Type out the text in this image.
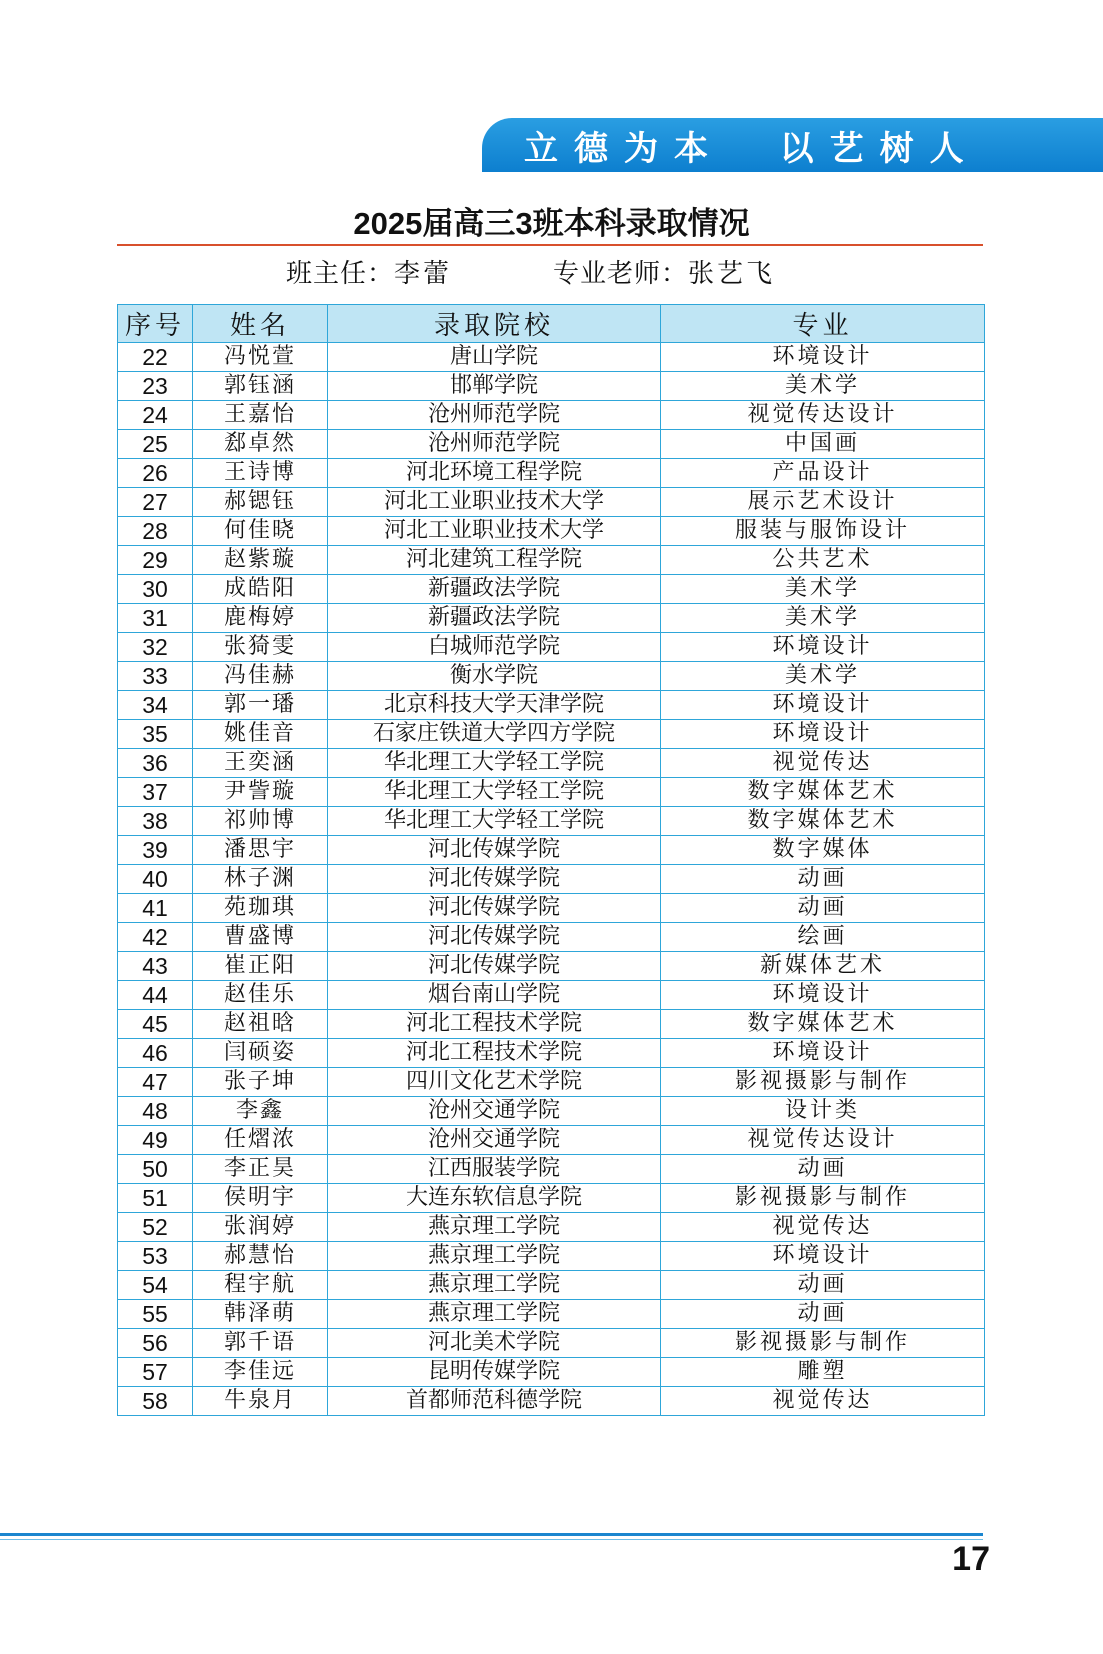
立德为本  以艺树人
2025届高三3班本科录取情况
班主任：李蕾	专业老师：张艺飞
序号	姓名	录取院校	专业
22	冯悦萱	唐山学院	环境设计
23	郭钰涵	邯郸学院	美术学
24	王嘉怡	沧州师范学院	视觉传达设计
25	郄卓然	沧州师范学院	中国画
26	王诗博	河北环境工程学院	产品设计
27	郝锶钰	河北工业职业技术大学	展示艺术设计
28	何佳晓	河北工业职业技术大学	服装与服饰设计
29	赵紫璇	河北建筑工程学院	公共艺术
30	成皓阳	新疆政法学院	美术学
31	鹿梅婷	新疆政法学院	美术学
32	张猗雯	白城师范学院	环境设计
33	冯佳赫	衡水学院	美术学
34	郭一璠	北京科技大学天津学院	环境设计
35	姚佳音	石家庄铁道大学四方学院	环境设计
36	王奕涵	华北理工大学轻工学院	视觉传达
37	尹訾璇	华北理工大学轻工学院	数字媒体艺术
38	祁帅博	华北理工大学轻工学院	数字媒体艺术
39	潘思宇	河北传媒学院	数字媒体
40	林子渊	河北传媒学院	动画
41	苑珈琪	河北传媒学院	动画
42	曹盛博	河北传媒学院	绘画
43	崔正阳	河北传媒学院	新媒体艺术
44	赵佳乐	烟台南山学院	环境设计
45	赵祖晗	河北工程技术学院	数字媒体艺术
46	闫硕姿	河北工程技术学院	环境设计
47	张子坤	四川文化艺术学院	影视摄影与制作
48	李鑫	沧州交通学院	设计类
49	任熠浓	沧州交通学院	视觉传达设计
50	李正昊	江西服装学院	动画
51	侯明宇	大连东软信息学院	影视摄影与制作
52	张润婷	燕京理工学院	视觉传达
53	郝慧怡	燕京理工学院	环境设计
54	程宇航	燕京理工学院	动画
55	韩泽萌	燕京理工学院	动画
56	郭千语	河北美术学院	影视摄影与制作
57	李佳远	昆明传媒学院	雕塑
58	牛泉月	首都师范科德学院	视觉传达
17
